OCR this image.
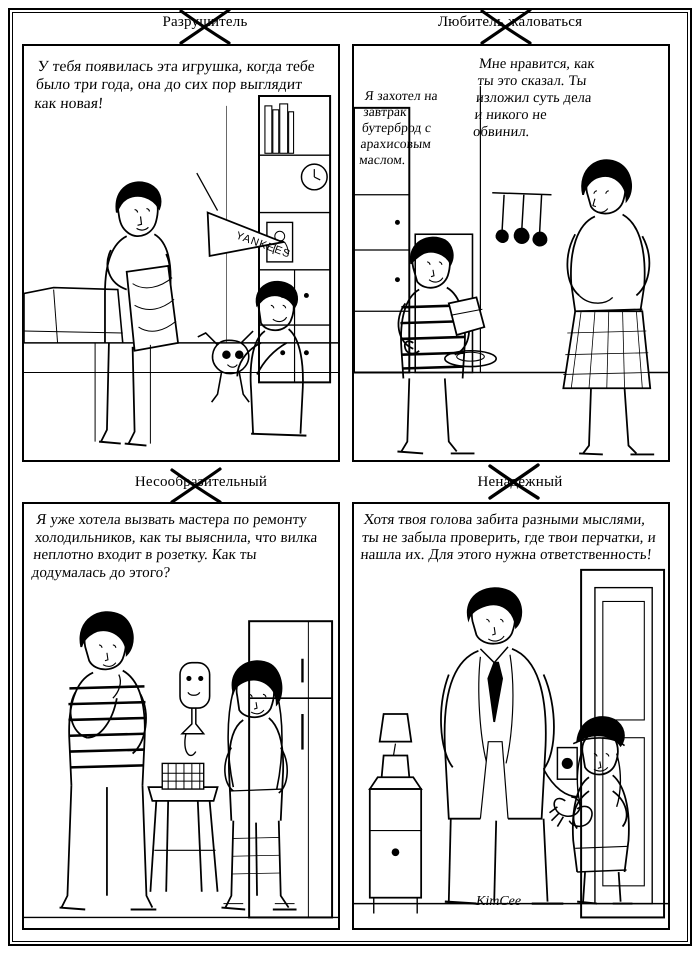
Разрушитель	Любитель жаловаться
YANKEES
У тебя появилась эта игрушка, когда тебе было три года, она до сих пор выглядит как новая!	Я захотел на завтрак бутерброд с арахисовым маслом.
Мне нравится, как ты это сказал. Ты изложил суть дела и никого не обвинил.
Несообразительный	Ненадежный
Я уже хотела вызвать мастера по ремонту холодильников, как ты выяснила, что вилка неплотно входит в розетку. Как ты додумалась до этого?
Хотя твоя голова забита разными мыслями, ты не забыла проверить, где твои перчатки, и нашла их. Для этого нужна ответственность!
KimCee
